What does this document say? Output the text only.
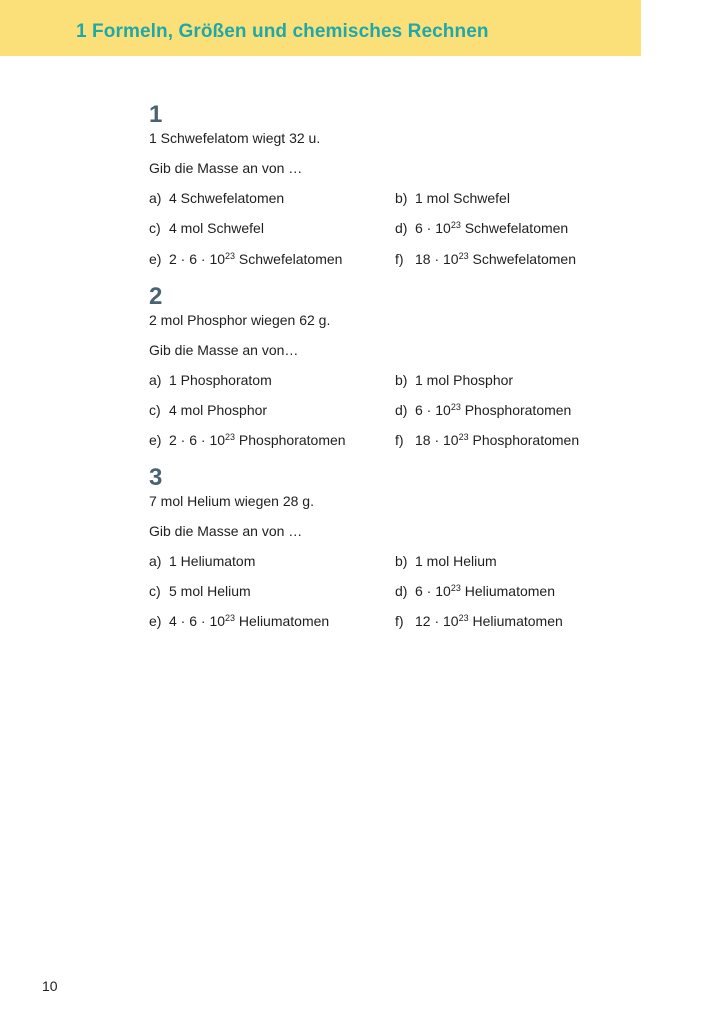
1 Formeln, Größen und chemisches Rechnen
1

1 Schwefelatom wiegt 32 u.

Gib die Masse an von …

a) 4 Schwefelatomen	b) 1 mol Schwefel
c) 4 mol Schwefel	d) $6 \cdot 10^{23}$ Schwefelatomen
e) $2 \cdot 6 \cdot 10^{23}$ Schwefelatomen	f) $18 \cdot 10^{23}$ Schwefelatomen
2

2 mol Phosphor wiegen 62 g.

Gib die Masse an von…

a) 1 Phosphoratom	b) 1 mol Phosphor
c) 4 mol Phosphor	d) $6 \cdot 10^{23}$ Phosphoratomen
e) $2 \cdot 6 \cdot 10^{23}$ Phosphoratomen	f) $18 \cdot 10^{23}$ Phosphoratomen
3

7 mol Helium wiegen 28 g.

Gib die Masse an von …

a) 1 Heliumatom	b) 1 mol Helium
c) 5 mol Helium	d) $6 \cdot 10^{23}$ Heliumatomen
e) $4 \cdot 6 \cdot 10^{23}$ Heliumatomen	f) $12 \cdot 10^{23}$ Heliumatomen
10
